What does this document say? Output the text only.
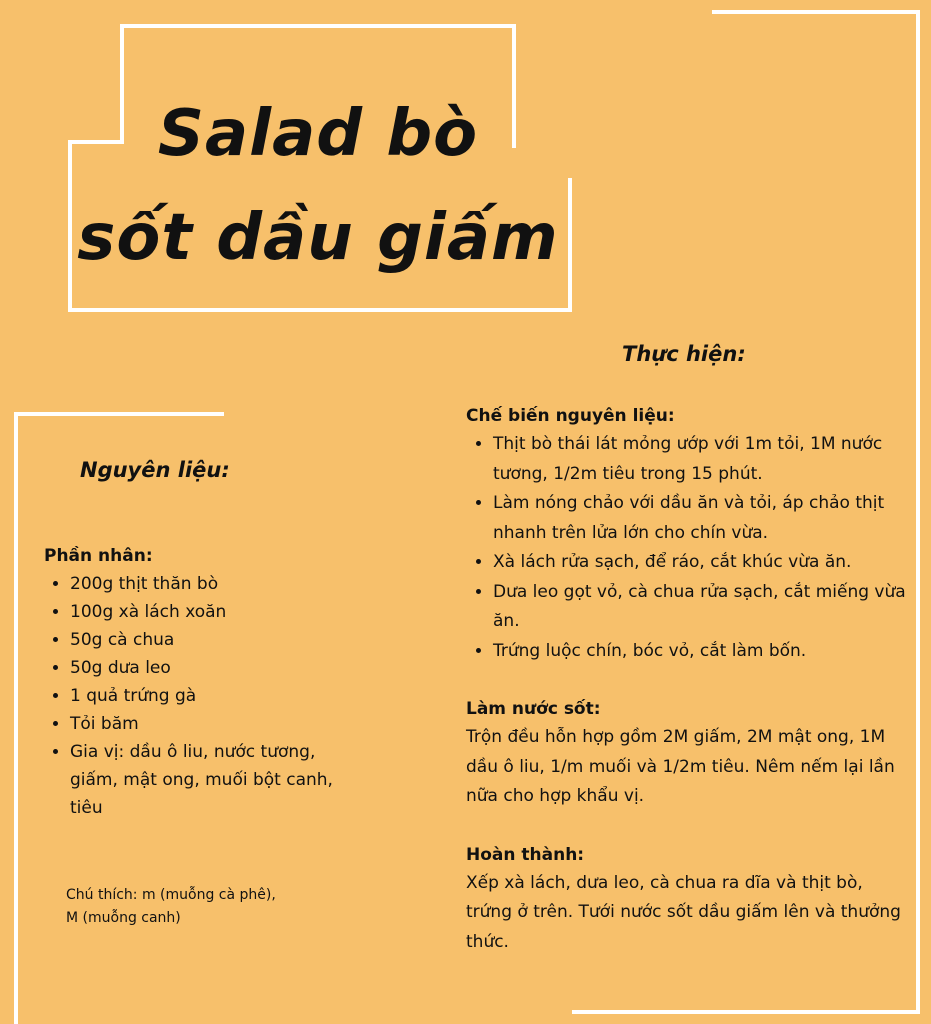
Salad bò
sốt dầu giấm
Nguyên liệu:

Phần nhân:

• 200g thịt thăn bò
• 100g xà lách xoăn
• 50g cà chua
• 50g dưa leo
• 1 quả trứng gà
• Tỏi băm
• Gia vị: dầu ô liu, nước tương, giấm, mật ong, muối bột canh, tiêu
Chú thích: m (muỗng cà phê),
M (muỗng canh)
Thực hiện:

Chế biến nguyên liệu:

• Thịt bò thái lát mỏng ướp với 1m tỏi, 1M nước tương, 1/2m tiêu trong 15 phút.
• Làm nóng chảo với dầu ăn và tỏi, áp chảo thịt nhanh trên lửa lớn cho chín vừa.
• Xà lách rửa sạch, để ráo, cắt khúc vừa ăn.
• Dưa leo gọt vỏ, cà chua rửa sạch, cắt miếng vừa ăn.
• Trứng luộc chín, bóc vỏ, cắt làm bốn.

Làm nước sốt:

Trộn đều hỗn hợp gồm 2M giấm, 2M mật ong, 1M dầu ô liu, 1/m muối và 1/2m tiêu. Nêm nếm lại lần nữa cho hợp khẩu vị.

Hoàn thành:

Xếp xà lách, dưa leo, cà chua ra dĩa và thịt bò, trứng ở trên. Tưới nước sốt dầu giấm lên và thưởng thức.
